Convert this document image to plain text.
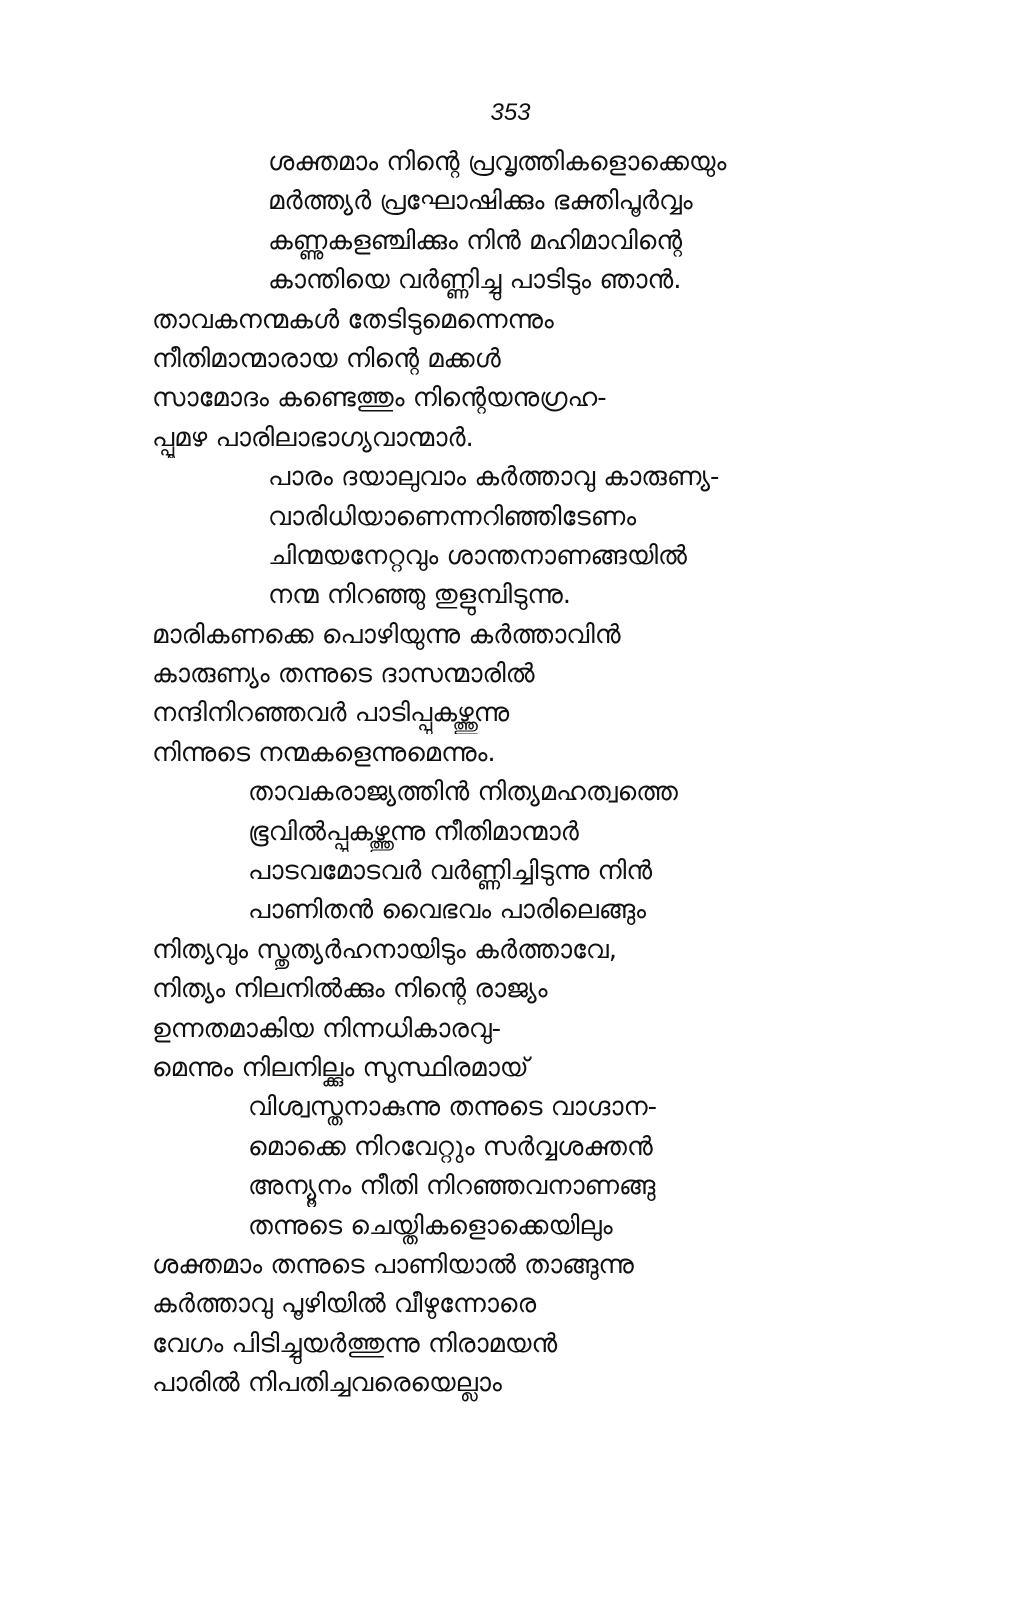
353
ശക്തമാം നിന്റെ പ്രവൃത്തികളൊക്കെയും
മർത്ത്യർ പ്രഘോഷിക്കും ഭക്തിപൂർവ്വം
കണ്ണുകളഞ്ചിക്കും നിൻ മഹിമാവിന്റെ
കാന്തിയെ വർണ്ണിച്ചു പാടിടും ഞാൻ.
താവകനന്മകൾ തേടിടുമെന്നെന്നും
നീതിമാന്മാരായ നിന്റെ മക്കൾ
സാമോദം കണ്ടെത്തും നിന്റെയനുഗ്രഹ-
പ്പൂമഴ പാരിലാഭാഗ്യവാന്മാർ.
പാരം ദയാലുവാം കർത്താവു കാരുണ്യ-
വാരിധിയാണെന്നറിഞ്ഞിടേണം
ചിന്മയനേറ്റവും ശാന്തനാണങ്ങയിൽ
നന്മ നിറഞ്ഞു തുളുമ്പിടുന്നു.
മാരികണക്കെ പൊഴിയുന്നു കർത്താവിൻ
കാരുണ്യം തന്നുടെ ദാസന്മാരിൽ
നന്ദിനിറഞ്ഞവർ പാടിപ്പുകഴ്ത്തുന്നു
നിന്നുടെ നന്മകളെന്നുമെന്നും.
താവകരാജ്യത്തിൻ നിത്യമഹത്വത്തെ
ഭൂവിൽപ്പുകഴ്ത്തുന്നു നീതിമാന്മാർ
പാടവമോടവർ വർണ്ണിച്ചിടുന്നു നിൻ
പാണിതൻ വൈഭവം പാരിലെങ്ങും
നിത്യവും സ്തുത്യർഹനായിടും കർത്താവേ,
നിത്യം നിലനിൽക്കും നിന്റെ രാജ്യം
ഉന്നതമാകിയ നിന്നധികാരവു-
മെന്നും നിലനില്ക്കും സുസ്ഥിരമായ്
വിശ്വസ്തനാകുന്നു തന്നുടെ വാഗ്ദാന-
മൊക്കെ നിറവേറ്റും സർവ്വശക്തൻ
അന്യൂനം നീതി നിറഞ്ഞവനാണങ്ങു
തന്നുടെ ചെയ്തികളൊക്കെയിലും
ശക്തമാം തന്നുടെ പാണിയാൽ താങ്ങുന്നു
കർത്താവു പൂഴിയിൽ വീഴുന്നോരെ
വേഗം പിടിച്ചുയർത്തുന്നു നിരാമയൻ
പാരിൽ നിപതിച്ചവരെയെല്ലാം
